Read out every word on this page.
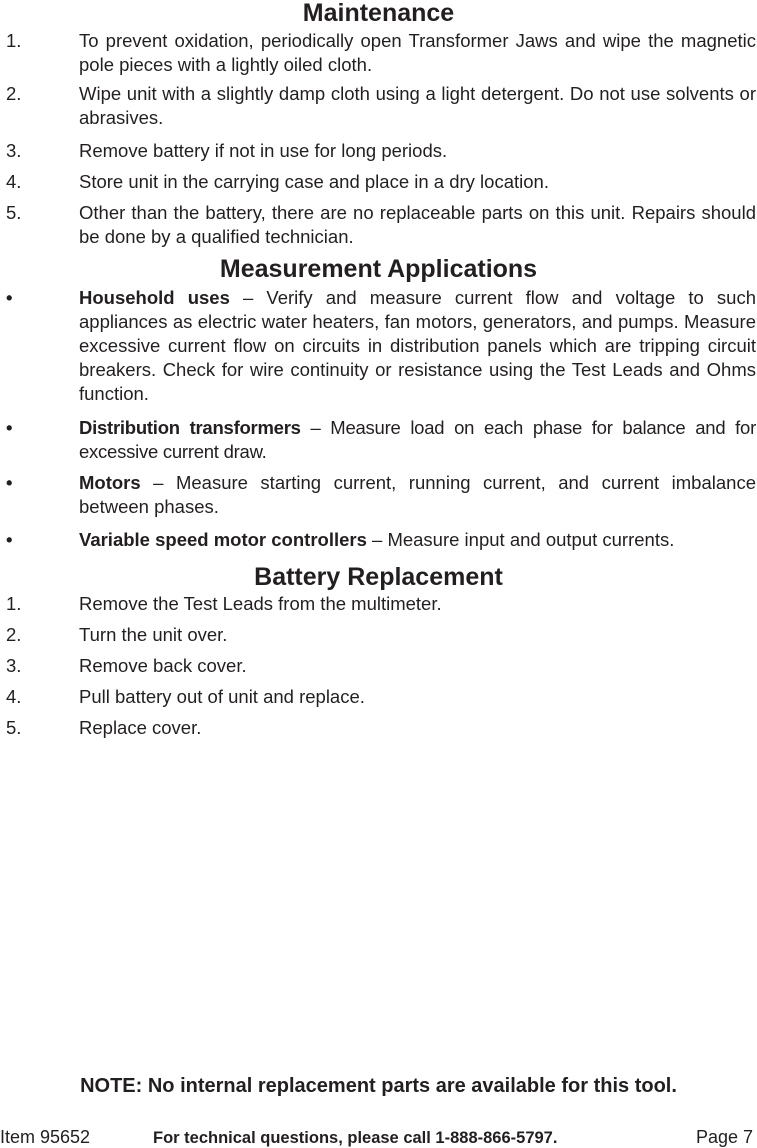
Maintenance
1.	To prevent oxidation, periodically open Transformer Jaws and wipe the magnetic pole pieces with a lightly oiled cloth.
2.	Wipe unit with a slightly damp cloth using a light detergent. Do not use solvents or abrasives.
3.	Remove battery if not in use for long periods.
4.	Store unit in the carrying case and place in a dry location.
5.	Other than the battery, there are no replaceable parts on this unit. Repairs should be done by a qualified technician.
Measurement Applications
•	Household uses – Verify and measure current flow and voltage to such appliances as electric water heaters, fan motors, generators, and pumps. Measure excessive current flow on circuits in distribution panels which are tripping circuit breakers. Check for wire continuity or resistance using the Test Leads and Ohms function.
•	Distribution transformers – Measure load on each phase for balance and for excessive current draw.
•	Motors – Measure starting current, running current, and current imbalance between phases.
•	Variable speed motor controllers – Measure input and output currents.
Battery Replacement
1.	Remove the Test Leads from the multimeter.
2.	Turn the unit over.
3.	Remove back cover.
4.	Pull battery out of unit and replace.
5.	Replace cover.
NOTE: No internal replacement parts are available for this tool.
Item 95652	For technical questions, please call 1-888-866-5797.	Page 7
